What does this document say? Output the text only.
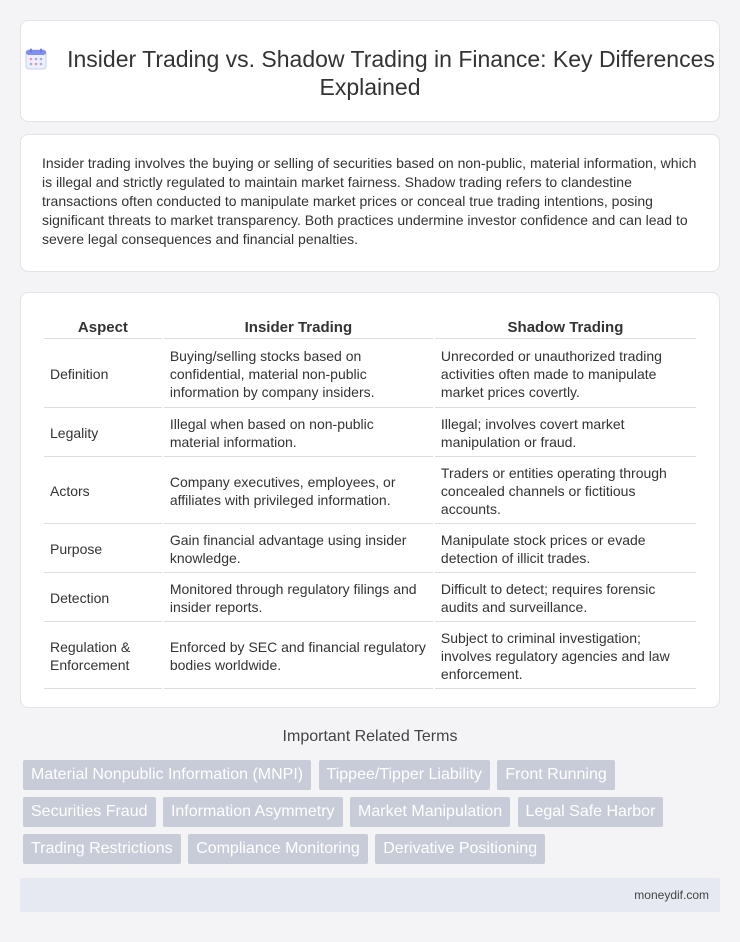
Insider Trading vs. Shadow Trading in Finance: Key Differences Explained

Insider trading involves the buying or selling of securities based on non-public, material information, which is illegal and strictly regulated to maintain market fairness. Shadow trading refers to clandestine transactions often conducted to manipulate market prices or conceal true trading intentions, posing significant threats to market transparency. Both practices undermine investor confidence and can lead to severe legal consequences and financial penalties.

Aspect	Insider Trading	Shadow Trading
Definition	Buying/selling stocks based on confidential, material non-public information by company insiders.	Unrecorded or unauthorized trading activities often made to manipulate market prices covertly.
Legality	Illegal when based on non-public material information.	Illegal; involves covert market manipulation or fraud.
Actors	Company executives, employees, or affiliates with privileged information.	Traders or entities operating through concealed channels or fictitious accounts.
Purpose	Gain financial advantage using insider knowledge.	Manipulate stock prices or evade detection of illicit trades.
Detection	Monitored through regulatory filings and insider reports.	Difficult to detect; requires forensic audits and surveillance.
Regulation & Enforcement	Enforced by SEC and financial regulatory bodies worldwide.	Subject to criminal investigation; involves regulatory agencies and law enforcement.
Important Related Terms
Material Nonpublic Information (MNPI) Tippee/Tipper Liability Front Running
Securities Fraud Information Asymmetry Market Manipulation Legal Safe Harbor
Trading Restrictions Compliance Monitoring Derivative Positioning
moneydif.com
